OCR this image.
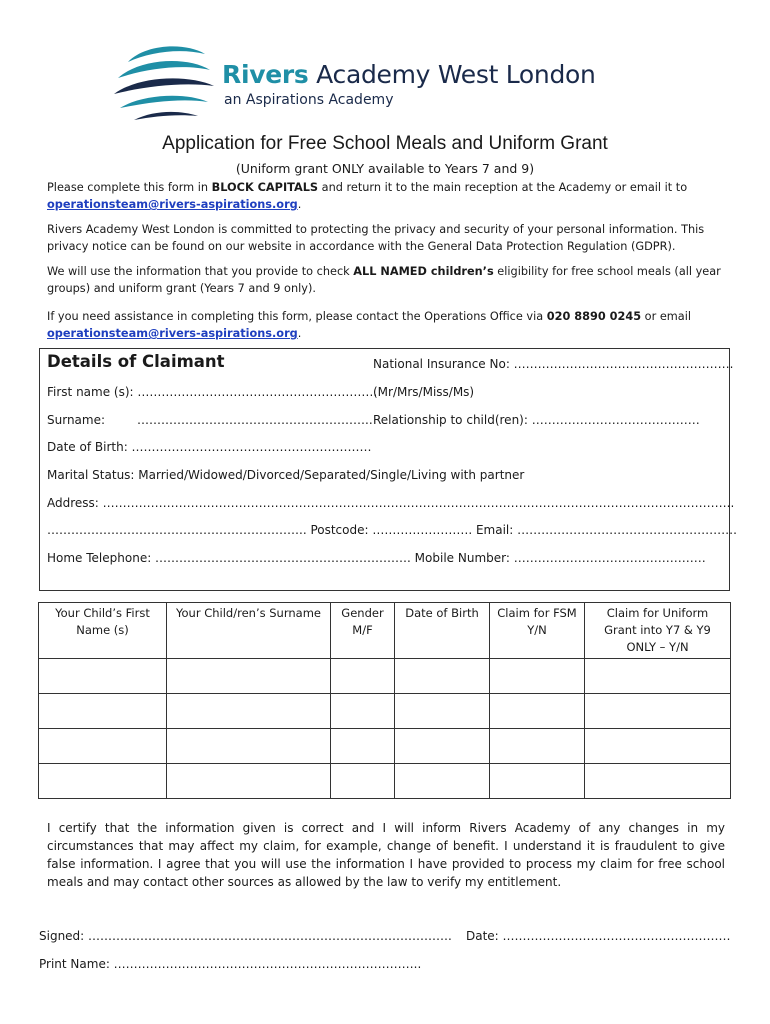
Rivers Academy West London
an Aspirations Academy
Application for Free School Meals and Uniform Grant
(Uniform grant ONLY available to Years 7 and 9)
Please complete this form in BLOCK CAPITALS and return it to the main reception at the Academy or email it to
operationsteam@rivers-aspirations.org.
Rivers Academy West London is committed to protecting the privacy and security of your personal information. This privacy notice can be found on our website in accordance with the General Data Protection Regulation (GDPR).
We will use the information that you provide to check ALL NAMED children’s eligibility for free school meals (all year groups) and uniform grant (Years 7 and 9 only).
If you need assistance in completing this form, please contact the Operations Office via 020 8890 0245 or email
operationsteam@rivers-aspirations.org.
Details of Claimant	National Insurance No: ……………………………………………….
First name (s): ……………………………………………………
(Mr/Mrs/Miss/Ms)
Surname:	………………………………………………….. Relationship to child(ren): ……………………………………
Date of Birth: ……………………………………………………
Marital Status: Married/Widowed/Divorced/Separated/Single/Living with partner
Address: …………………………………………………………………………………………………………………………………………..
……………………………………………………….. Postcode: ……………………. Email: ……………………………………………….
Home Telephone: ………………………………………………………. Mobile Number: …………………………………………
Your Child’s First Name (s)	Your Child/ren’s Surname	Gender M/F	Date of Birth	Claim for FSM Y/N	Claim for Uniform Grant into Y7 & Y9 ONLY – Y/N

I certify that the information given is correct and I will inform Rivers Academy of any changes in my circumstances that may affect my claim, for example, change of benefit. I understand it is fraudulent to give false information. I agree that you will use the information I have provided to process my claim for free school meals and may contact other sources as allowed by the law to verify my entitlement.
Signed: ………………………………………………………………………………. Date: …………………………………………………
Print Name: …………………………………………………………………..
